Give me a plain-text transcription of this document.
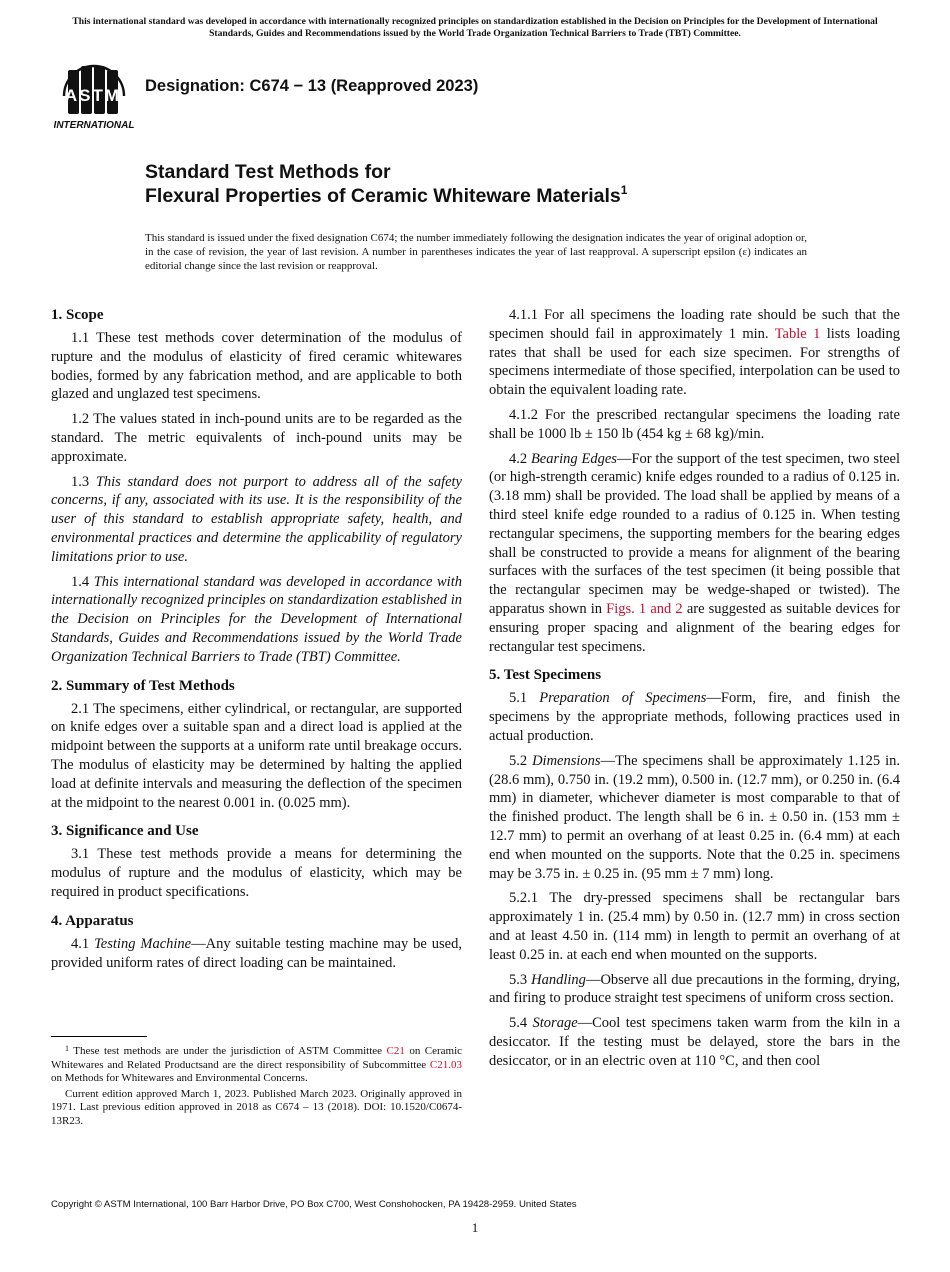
This international standard was developed in accordance with internationally recognized principles on standardization established in the Decision on Principles for the Development of International Standards, Guides and Recommendations issued by the World Trade Organization Technical Barriers to Trade (TBT) Committee.

ASTM
INTERNATIONAL

Designation: C674 − 13 (Reapproved 2023)

Standard Test Methods for
Flexural Properties of Ceramic Whiteware Materials$^1$

This standard is issued under the fixed designation C674; the number immediately following the designation indicates the year of original adoption or, in the case of revision, the year of last revision. A number in parentheses indicates the year of last reapproval. A superscript epsilon (ε) indicates an editorial change since the last revision or reapproval.

1. Scope

1.1 These test methods cover determination of the modulus of rupture and the modulus of elasticity of fired ceramic whitewares bodies, formed by any fabrication method, and are applicable to both glazed and unglazed test specimens.

1.2 The values stated in inch-pound units are to be regarded as the standard. The metric equivalents of inch-pound units may be approximate.

1.3 This standard does not purport to address all of the safety concerns, if any, associated with its use. It is the responsibility of the user of this standard to establish appropriate safety, health, and environmental practices and determine the applicability of regulatory limitations prior to use.

1.4 This international standard was developed in accordance with internationally recognized principles on standardization established in the Decision on Principles for the Development of International Standards, Guides and Recommendations issued by the World Trade Organization Technical Barriers to Trade (TBT) Committee.

2. Summary of Test Methods

2.1 The specimens, either cylindrical, or rectangular, are supported on knife edges over a suitable span and a direct load is applied at the midpoint between the supports at a uniform rate until breakage occurs. The modulus of elasticity may be determined by halting the applied load at definite intervals and measuring the deflection of the specimen at the midpoint to the nearest 0.001 in. (0.025 mm).

3. Significance and Use

3.1 These test methods provide a means for determining the modulus of rupture and the modulus of elasticity, which may be required in product specifications.

4. Apparatus

4.1 Testing Machine—Any suitable testing machine may be used, provided uniform rates of direct loading can be maintained.

$^1$ These test methods are under the jurisdiction of ASTM Committee C21 on Ceramic Whitewares and Related Productsand are the direct responsibility of Subcommittee C21.03 on Methods for Whitewares and Environmental Concerns.

Current edition approved March 1, 2023. Published March 2023. Originally approved in 1971. Last previous edition approved in 2018 as C674 – 13 (2018). DOI: 10.1520/C0674-13R23.

4.1.1 For all specimens the loading rate should be such that the specimen should fail in approximately 1 min. Table 1 lists loading rates that shall be used for each size specimen. For strengths of specimens intermediate of those specified, interpolation can be used to obtain the equivalent loading rate.

4.1.2 For the prescribed rectangular specimens the loading rate shall be 1000 lb ± 150 lb (454 kg ± 68 kg)/min.

4.2 Bearing Edges—For the support of the test specimen, two steel (or high-strength ceramic) knife edges rounded to a radius of 0.125 in. (3.18 mm) shall be provided. The load shall be applied by means of a third steel knife edge rounded to a radius of 0.125 in. When testing rectangular specimens, the supporting members for the bearing edges shall be constructed to provide a means for alignment of the bearing surfaces with the surfaces of the test specimen (it being possible that the rectangular specimen may be wedge-shaped or twisted). The apparatus shown in Figs. 1 and 2 are suggested as suitable devices for ensuring proper spacing and alignment of the bearing edges for rectangular test specimens.

5. Test Specimens

5.1 Preparation of Specimens—Form, fire, and finish the specimens by the appropriate methods, following practices used in actual production.

5.2 Dimensions—The specimens shall be approximately 1.125 in. (28.6 mm), 0.750 in. (19.2 mm), 0.500 in. (12.7 mm), or 0.250 in. (6.4 mm) in diameter, whichever diameter is most comparable to that of the finished product. The length shall be 6 in. ± 0.50 in. (153 mm ± 12.7 mm) to permit an overhang of at least 0.25 in. (6.4 mm) at each end when mounted on the supports. Note that the 0.25 in. specimens may be 3.75 in. ± 0.25 in. (95 mm ± 7 mm) long.

5.2.1 The dry-pressed specimens shall be rectangular bars approximately 1 in. (25.4 mm) by 0.50 in. (12.7 mm) in cross section and at least 4.50 in. (114 mm) in length to permit an overhang of at least 0.25 in. at each end when mounted on the supports.

5.3 Handling—Observe all due precautions in the forming, drying, and firing to produce straight test specimens of uniform cross section.

5.4 Storage—Cool test specimens taken warm from the kiln in a desiccator. If the testing must be delayed, store the bars in the desiccator, or in an electric oven at 110 °C, and then cool

Copyright © ASTM International, 100 Barr Harbor Drive, PO Box C700, West Conshohocken, PA 19428-2959. United States

1
